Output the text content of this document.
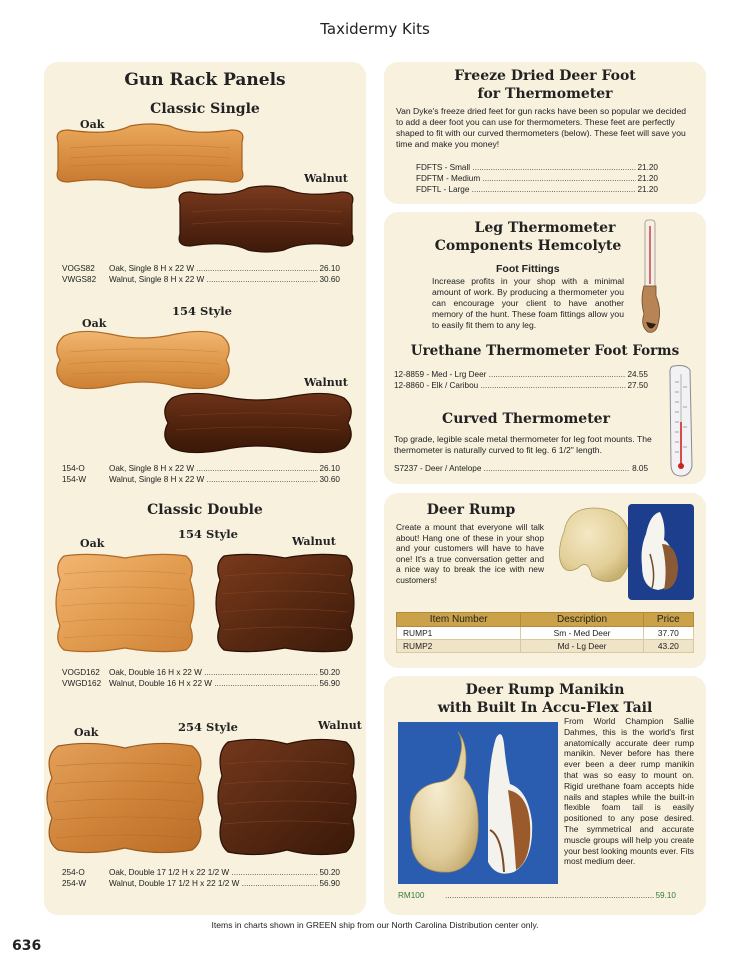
Taxidermy Kits
Gun Rack Panels
Classic Single
Oak
Walnut
VOGS82	Oak, Single 8 H x 22 W .....	26.10
VWGS82	Walnut, Single 8 H x 22 W .....	30.60
154 Style
Oak
Walnut
154-O	Oak, Single 8 H x 22 W .....	26.10
154-W	Walnut, Single 8 H x 22 W .....	30.60
Classic Double
154 Style
Oak	Walnut
VOGD162	Oak, Double 16 H x 22 W .....	50.20
VWGD162 Walnut, Double 16 H x 22 W .....	56.90
254 Style
Oak
Walnut
254-O	Oak, Double 17 1/2 H x 22 1/2 W .....	50.20
254-W	Walnut, Double 17 1/2 H x 22 1/2 W .....	56.90
Freeze Dried Deer Foot
for Thermometer
Van Dyke's freeze dried feet for gun racks have been so popular we decided to add a deer foot you can use for thermometers. These feet are perfectly shaped to fit with our curved thermometers (below). These feet will save you time and make you money!
FDFTS - Small .....	21.20
FDFTM - Medium .....	21.20
FDFTL - Large .....	21.20
Leg Thermometer
Components Hemcolyte
Foot Fittings
Increase profits in your shop with a minimal amount of work. By producing a thermometer you can encourage your client to have another memory of the hunt. These foam fittings allow you to easily fit them to any leg.
Urethane Thermometer Foot Forms
12-8859 - Med - Lrg Deer .....	24.55
12-8860 - Elk / Caribou .....	27.50
Curved Thermometer
Top grade, legible scale metal thermometer for leg foot mounts. The thermometer is naturally curved to fit leg. 6 1/2" length.
S7237 - Deer / Antelope .....	8.05
Deer Rump
Create a mount that everyone will talk about! Hang one of these in your shop and your customers will have to have one! It's a true conversation getter and a nice way to break the ice with new customers!
Item Number	Description	Price
RUMP1	Sm - Med Deer	37.70
RUMP2	Md - Lg Deer	43.20
Deer Rump Manikin
with Built In Accu-Flex Tail
From World Champion Sallie Dahmes, this is the world's first anatomically accurate deer rump manikin. Never before has there ever been a deer rump manikin that was so easy to mount on. Rigid urethane foam accepts hide nails and staples while the built-in flexible foam tail is easily positioned to any pose desired. The symmetrical and accurate muscle groups will help you create your best looking mounts ever. Fits most medium deer.
RM100 .....	59.10
Items in charts shown in GREEN ship from our North Carolina Distribution center only.
636
